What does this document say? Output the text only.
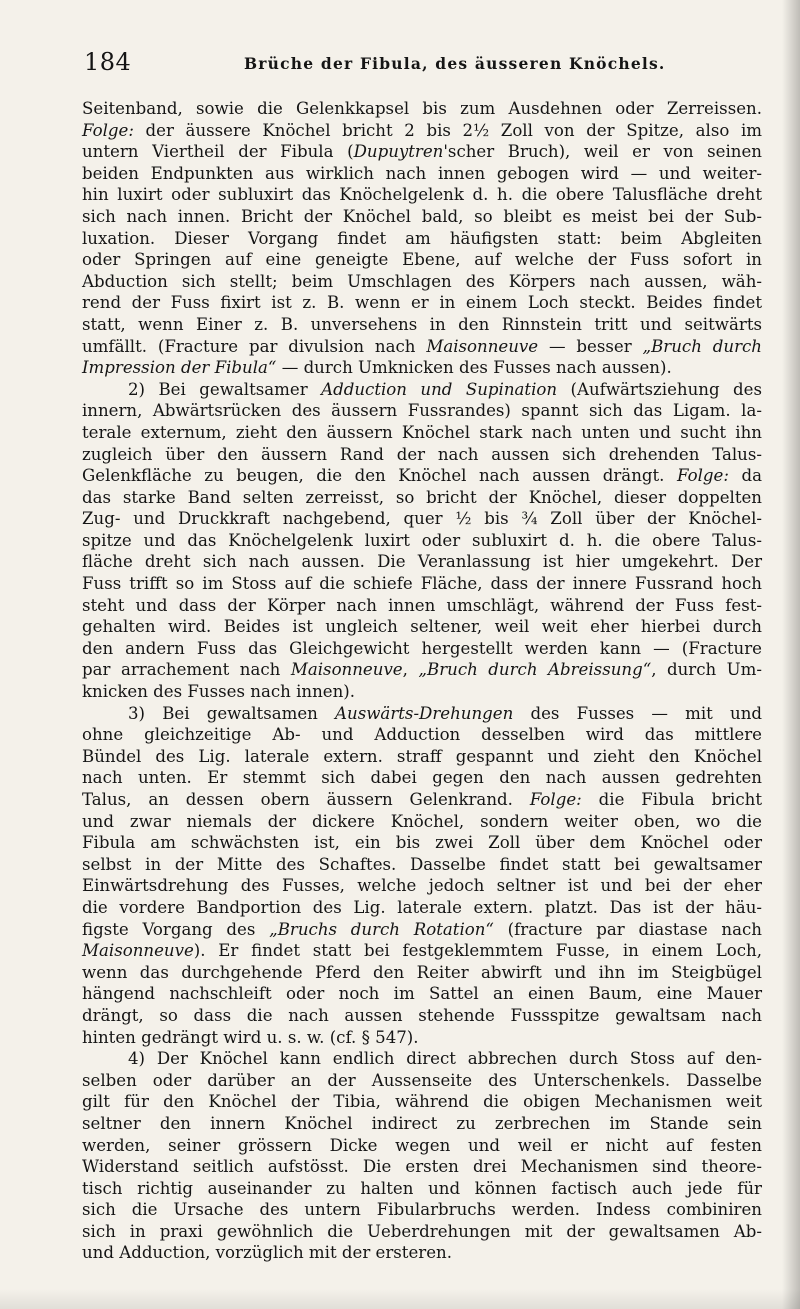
184	Brüche der Fibula, des äusseren Knöchels.
Seitenband, sowie die Gelenkkapsel bis zum Ausdehnen oder Zerreissen.
Folge: der äussere Knöchel bricht 2 bis 2½ Zoll von der Spitze, also im
untern Viertheil der Fibula (Dupuytren'scher Bruch), weil er von seinen
beiden Endpunkten aus wirklich nach innen gebogen wird — und weiter-
hin luxirt oder subluxirt das Knöchelgelenk d. h. die obere Talusfläche dreht
sich nach innen. Bricht der Knöchel bald, so bleibt es meist bei der Sub-
luxation. Dieser Vorgang findet am häufigsten statt: beim Abgleiten
oder Springen auf eine geneigte Ebene, auf welche der Fuss sofort in
Abduction sich stellt; beim Umschlagen des Körpers nach aussen, wäh-
rend der Fuss fixirt ist z. B. wenn er in einem Loch steckt. Beides findet
statt, wenn Einer z. B. unversehens in den Rinnstein tritt und seitwärts
umfällt. (Fracture par divulsion nach Maisonneuve — besser „Bruch durch
Impression der Fibula“ — durch Umknicken des Fusses nach aussen).
2) Bei gewaltsamer Adduction und Supination (Aufwärtsziehung des
innern, Abwärtsrücken des äussern Fussrandes) spannt sich das Ligam. la-
terale externum, zieht den äussern Knöchel stark nach unten und sucht ihn
zugleich über den äussern Rand der nach aussen sich drehenden Talus-
Gelenkfläche zu beugen, die den Knöchel nach aussen drängt. Folge: da
das starke Band selten zerreisst, so bricht der Knöchel, dieser doppelten
Zug- und Druckkraft nachgebend, quer ½ bis ¾ Zoll über der Knöchel-
spitze und das Knöchelgelenk luxirt oder subluxirt d. h. die obere Talus-
fläche dreht sich nach aussen. Die Veranlassung ist hier umgekehrt. Der
Fuss trifft so im Stoss auf die schiefe Fläche, dass der innere Fussrand hoch
steht und dass der Körper nach innen umschlägt, während der Fuss fest-
gehalten wird. Beides ist ungleich seltener, weil weit eher hierbei durch
den andern Fuss das Gleichgewicht hergestellt werden kann — (Fracture
par arrachement nach Maisonneuve, „Bruch durch Abreissung“, durch Um-
knicken des Fusses nach innen).
3) Bei gewaltsamen Auswärts-Drehungen des Fusses — mit und
ohne gleichzeitige Ab- und Adduction desselben wird das mittlere
Bündel des Lig. laterale extern. straff gespannt und zieht den Knöchel
nach unten. Er stemmt sich dabei gegen den nach aussen gedrehten
Talus, an dessen obern äussern Gelenkrand. Folge: die Fibula bricht
und zwar niemals der dickere Knöchel, sondern weiter oben, wo die
Fibula am schwächsten ist, ein bis zwei Zoll über dem Knöchel oder
selbst in der Mitte des Schaftes. Dasselbe findet statt bei gewaltsamer
Einwärtsdrehung des Fusses, welche jedoch seltner ist und bei der eher
die vordere Bandportion des Lig. laterale extern. platzt. Das ist der häu-
figste Vorgang des „Bruchs durch Rotation“ (fracture par diastase nach
Maisonneuve). Er findet statt bei festgeklemmtem Fusse, in einem Loch,
wenn das durchgehende Pferd den Reiter abwirft und ihn im Steigbügel
hängend nachschleift oder noch im Sattel an einen Baum, eine Mauer
drängt, so dass die nach aussen stehende Fussspitze gewaltsam nach
hinten gedrängt wird u. s. w. (cf. § 547).
4) Der Knöchel kann endlich direct abbrechen durch Stoss auf den-
selben oder darüber an der Aussenseite des Unterschenkels. Dasselbe
gilt für den Knöchel der Tibia, während die obigen Mechanismen weit
seltner den innern Knöchel indirect zu zerbrechen im Stande sein
werden, seiner grössern Dicke wegen und weil er nicht auf festen
Widerstand seitlich aufstösst. Die ersten drei Mechanismen sind theore-
tisch richtig auseinander zu halten und können factisch auch jede für
sich die Ursache des untern Fibularbruchs werden. Indess combiniren
sich in praxi gewöhnlich die Ueberdrehungen mit der gewaltsamen Ab-
und Adduction, vorzüglich mit der ersteren.
